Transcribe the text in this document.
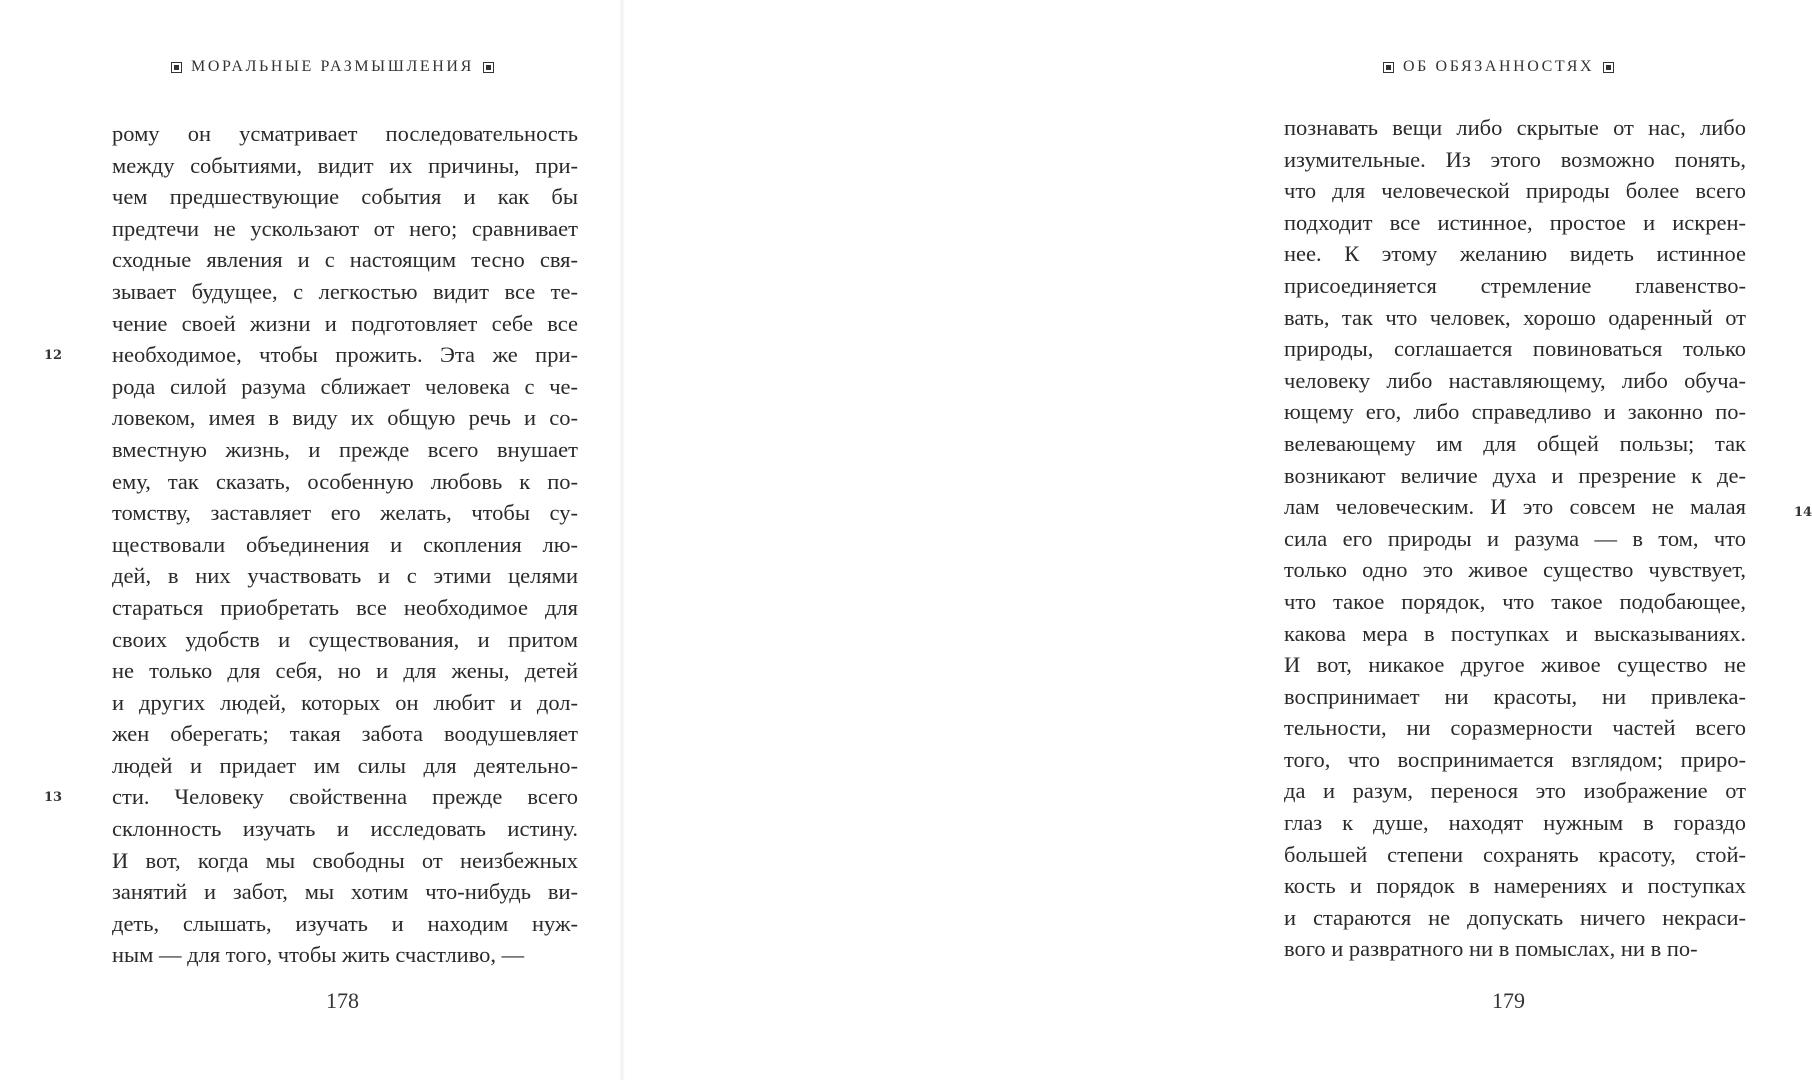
МОРАЛЬНЫЕ РАЗМЫШЛЕНИЯ
рому он усматривает последовательность
между событиями, видит их причины, при-
чем предшествующие события и как бы
предтечи не ускользают от него; сравнивает
сходные явления и с настоящим тесно свя-
зывает будущее, с легкостью видит все те-
чение своей жизни и подготовляет себе все
необходимое, чтобы прожить. Эта же при-
рода силой разума сближает человека с че-
ловеком, имея в виду их общую речь и со-
вместную жизнь, и прежде всего внушает
ему, так сказать, особенную любовь к по-
томству, заставляет его желать, чтобы су-
ществовали объединения и скопления лю-
дей, в них участвовать и с этими целями
стараться приобретать все необходимое для
своих удобств и существования, и притом
не только для себя, но и для жены, детей
и других людей, которых он любит и дол-
жен оберегать; такая забота воодушевляет
людей и придает им силы для деятельно-
сти. Человеку свойственна прежде всего
склонность изучать и исследовать истину.
И вот, когда мы свободны от неизбежных
занятий и забот, мы хотим что-нибудь ви-
деть, слышать, изучать и находим нуж-
ным — для того, чтобы жить счастливо, —
12
13
178
ОБ ОБЯЗАННОСТЯХ
познавать вещи либо скрытые от нас, либо
изумительные. Из этого возможно понять,
что для человеческой природы более всего
подходит все истинное, простое и искрен-
нее. К этому желанию видеть истинное
присоединяется стремление главенство-
вать, так что человек, хорошо одаренный от
природы, соглашается повиноваться только
человеку либо наставляющему, либо обуча-
ющему его, либо справедливо и законно по-
велевающему им для общей пользы; так
возникают величие духа и презрение к де-
лам человеческим. И это совсем не малая
сила его природы и разума — в том, что
только одно это живое существо чувствует,
что такое порядок, что такое подобающее,
какова мера в поступках и высказываниях.
И вот, никакое другое живое существо не
воспринимает ни красоты, ни привлека-
тельности, ни соразмерности частей всего
того, что воспринимается взглядом; приро-
да и разум, перенося это изображение от
глаз к душе, находят нужным в гораздо
большей степени сохранять красоту, стой-
кость и порядок в намерениях и поступках
и стараются не допускать ничего некраси-
вого и развратного ни в помыслах, ни в по-
14
179
